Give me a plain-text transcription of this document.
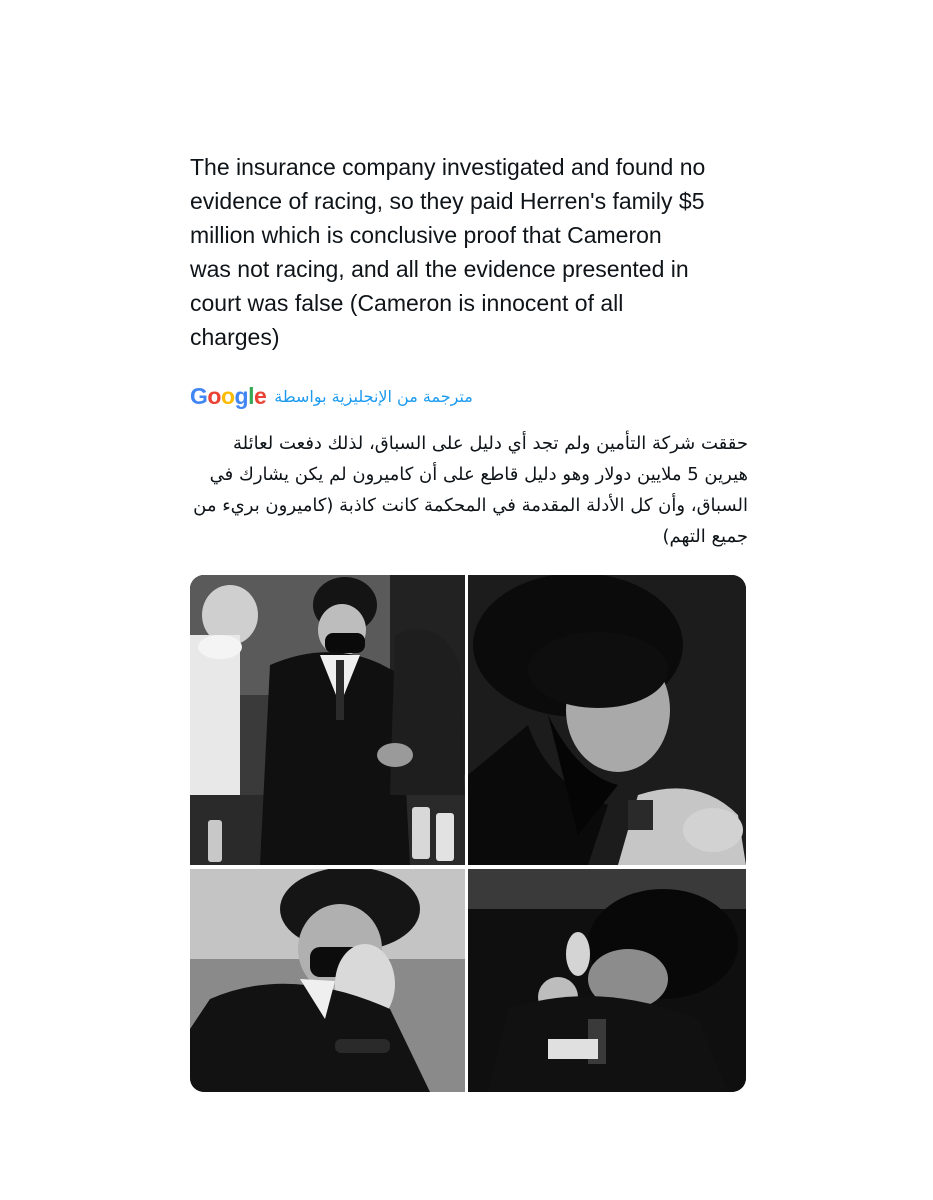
The insurance company investigated and found no
evidence of racing, so they paid Herren's family $5
million which is conclusive proof that Cameron
was not racing, and all the evidence presented in
court was false (Cameron is innocent of all
charges)
مترجمة من الإنجليزية بواسطة
G o o g l e
حققت شركة التأمين ولم تجد أي دليل على السباق، لذلك دفعت لعائلة هيرين 5 ملايين دولار وهو دليل قاطع على أن كاميرون لم يكن يشارك في السباق، وأن كل الأدلة المقدمة في المحكمة كانت كاذبة (كاميرون بريء من جميع التهم)
